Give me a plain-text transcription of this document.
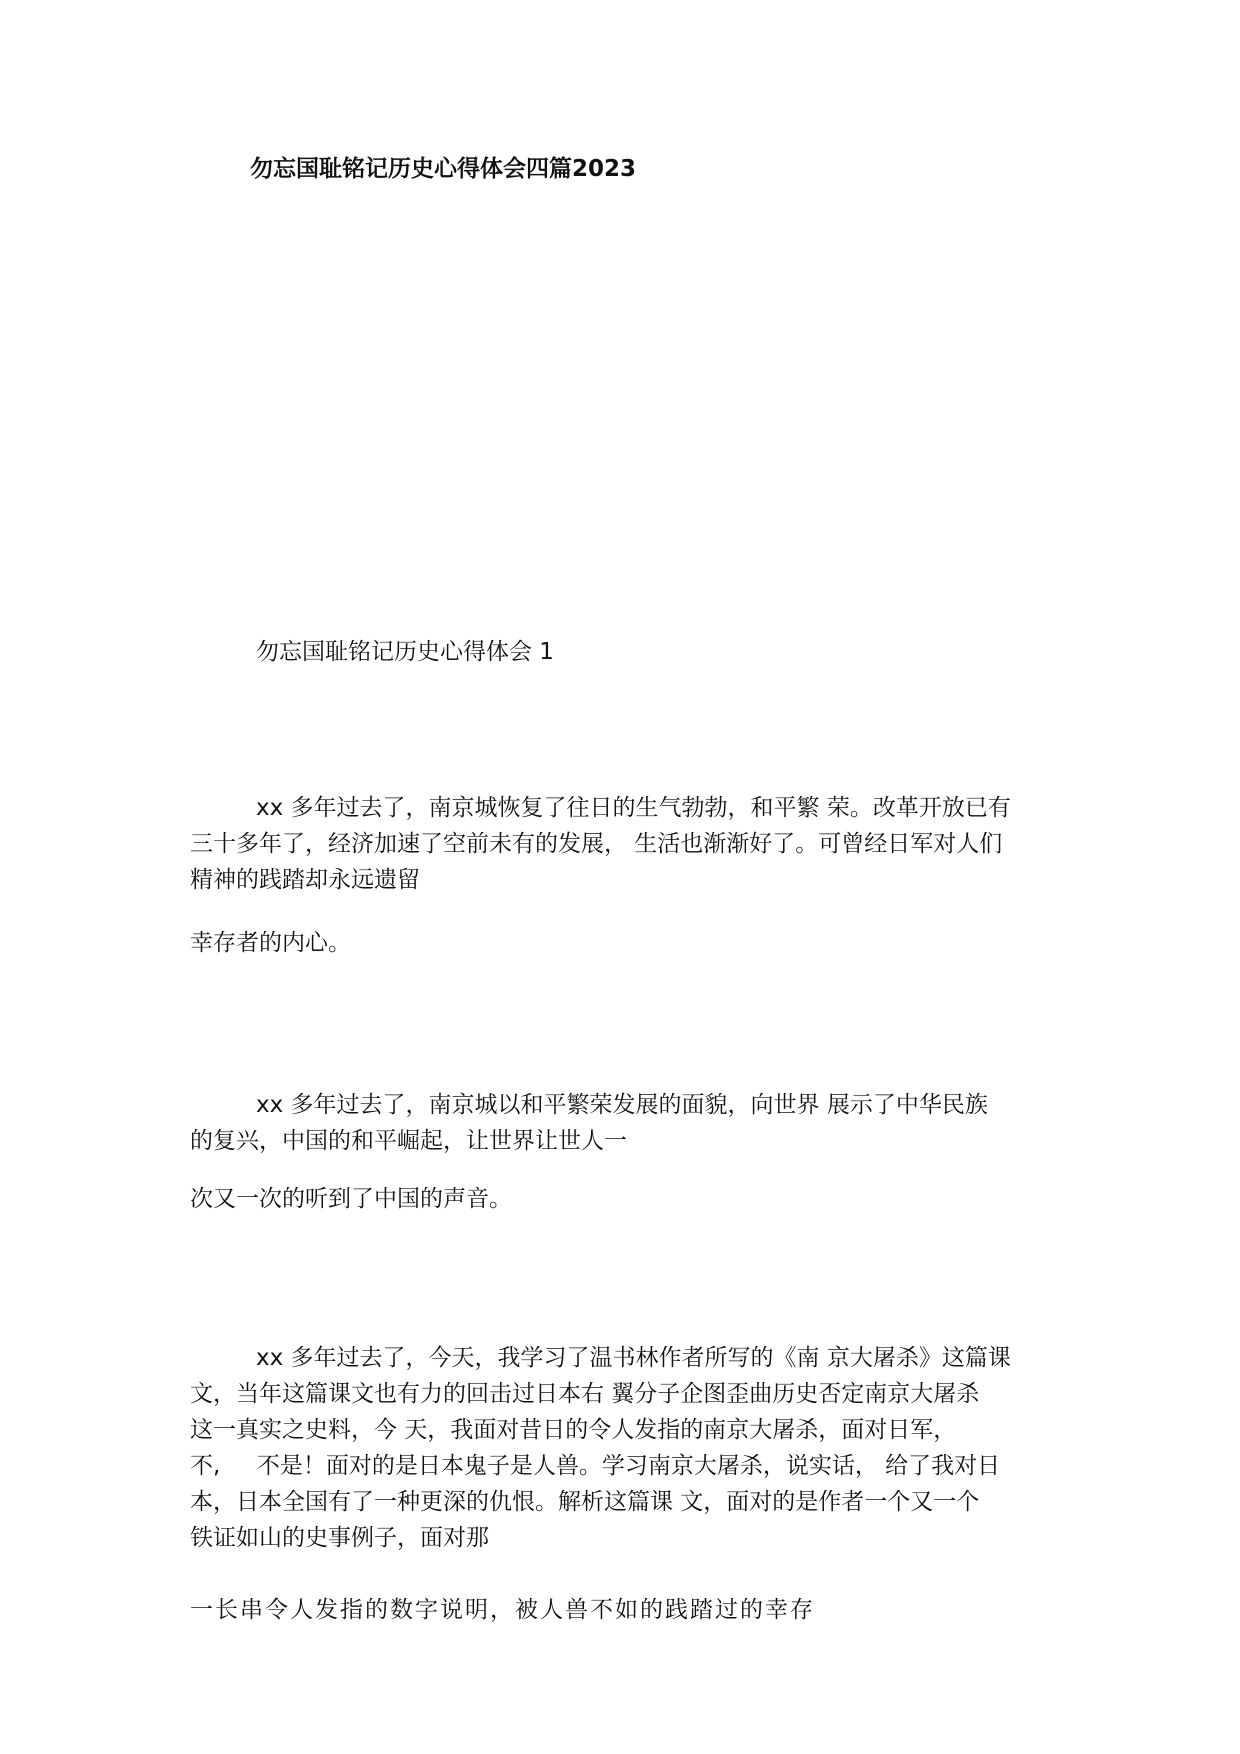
勿忘国耻铭记历史心得体会四篇2023
勿忘国耻铭记历史心得体会 1
xx 多年过去了，南京城恢复了往日的生气勃勃，和平繁 荣。改革开放已有
三十多年了，经济加速了空前未有的发展， 生活也渐渐好了。可曾经日军对人们
精神的践踏却永远遗留
幸存者的内心。
xx 多年过去了，南京城以和平繁荣发展的面貌，向世界 展示了中华民族
的复兴，中国的和平崛起，让世界让世人一
次又一次的听到了中国的声音。
xx 多年过去了，今天，我学习了温书林作者所写的《南 京大屠杀》这篇课
文，当年这篇课文也有力的回击过日本右 翼分子企图歪曲历史否定南京大屠杀
这一真实之史料，今 天，我面对昔日的令人发指的南京大屠杀，面对日军，
不,     不是！面对的是日本鬼子是人兽。学习南京大屠杀，说实话， 给了我对日
本，日本全国有了一种更深的仇恨。解析这篇课 文，面对的是作者一个又一个
铁证如山的史事例子，面对那
一长串令人发指的数字说明，被人兽不如的践踏过的幸存
